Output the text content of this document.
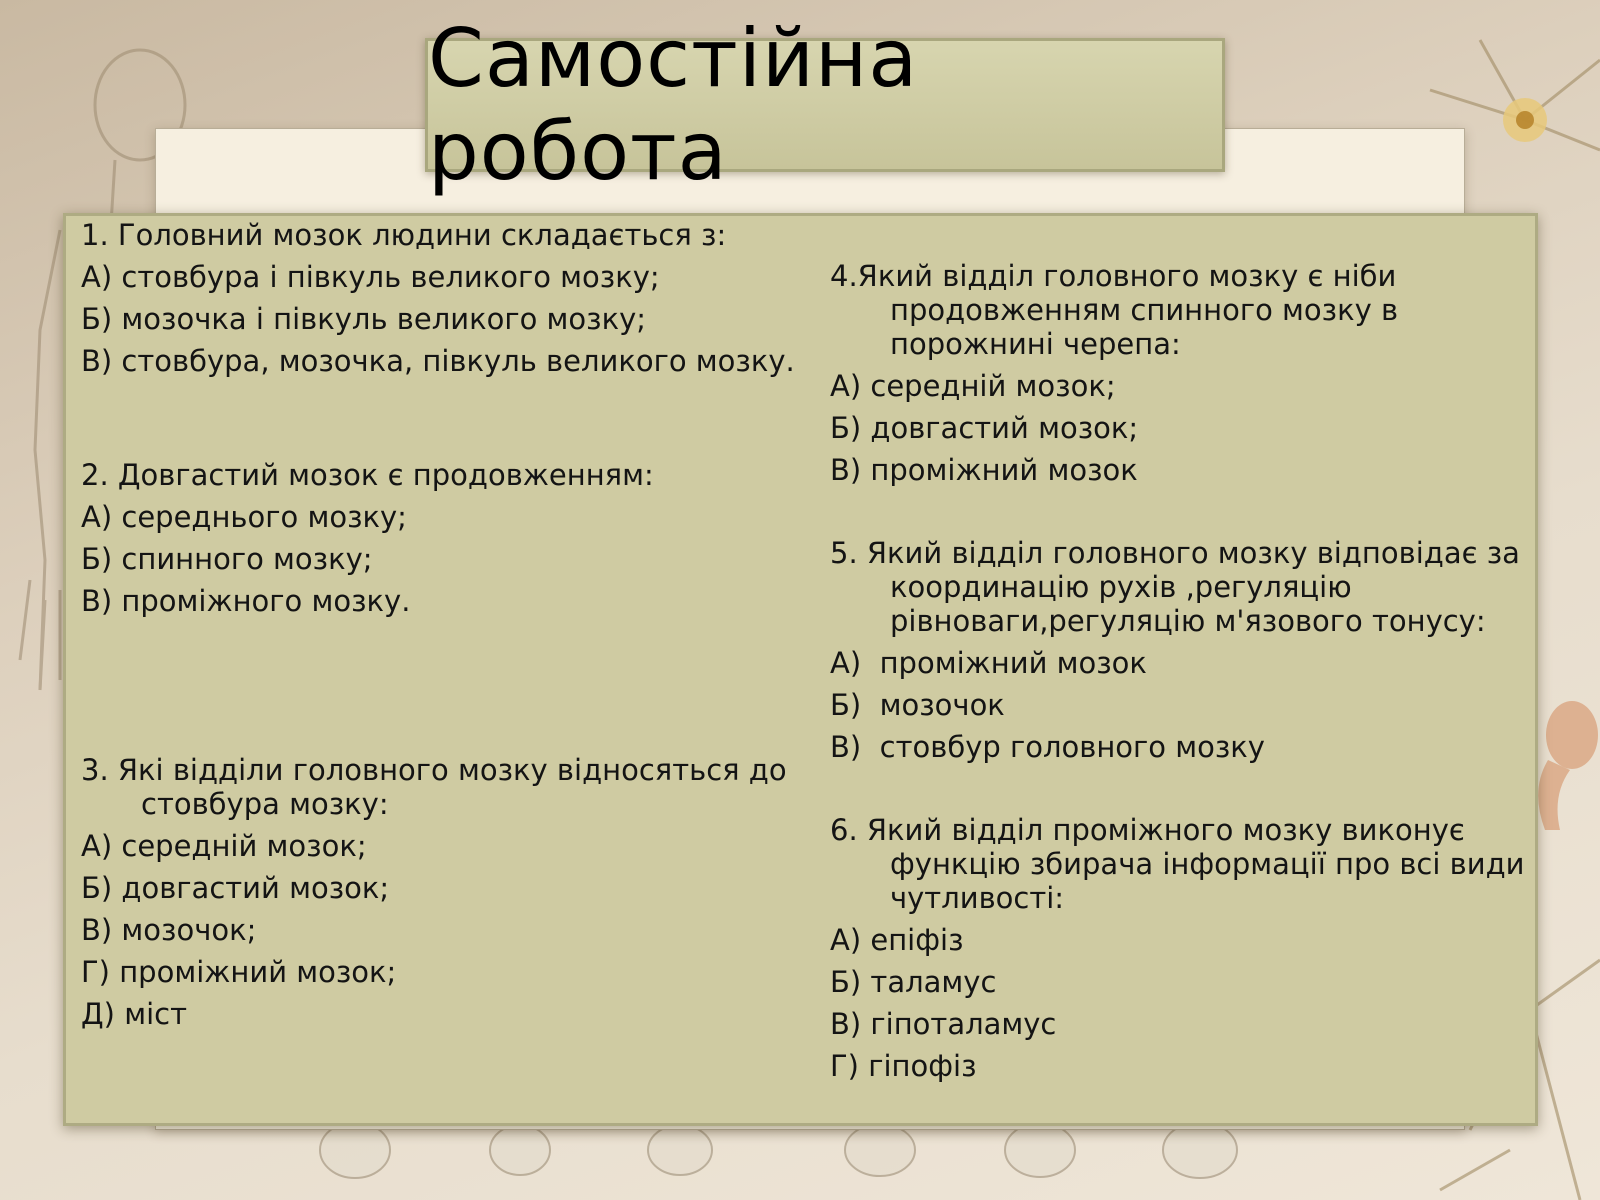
Самостійна робота
1. Головний мозок людини складається з:
А) стовбура і півкуль великого мозку;
Б) мозочка і півкуль великого мозку;
В) стовбура, мозочка, півкуль великого мозку.
2. Довгастий мозок є продовженням:
А) середнього мозку;
Б) спинного мозку;
В) проміжного мозку.
3. Які відділи головного мозку відносяться до стовбура мозку:
А) середній мозок;
Б) довгастий мозок;
В) мозочок;
Г) проміжний мозок;
Д) міст
4.Який відділ головного мозку є ніби продовженням спинного мозку в порожнині черепа:
А) середній мозок;
Б) довгастий мозок;
В) проміжний мозок
5. Який відділ головного мозку відповідає за координацію рухів ,регуляцію рівноваги,регуляцію м'язового тонусу:
А)  проміжний мозок
Б)  мозочок
В)  стовбур головного мозку
6. Який відділ проміжного мозку виконує функцію збирача інформації про всі види чутливості:
А) епіфіз
Б) таламус
В) гіпоталамус
Г) гіпофіз
